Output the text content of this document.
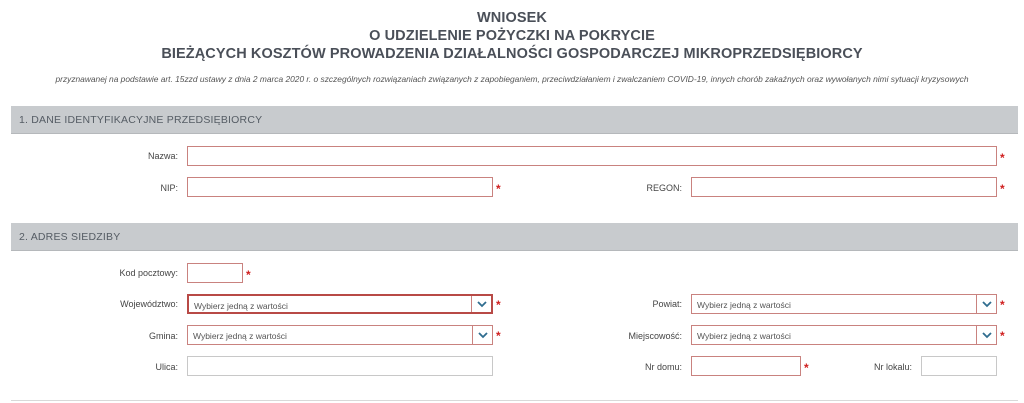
WNIOSEK
O UDZIELENIE POŻYCZKI NA POKRYCIE
BIEŻĄCYCH KOSZTÓW PROWADZENIA DZIAŁALNOŚCI GOSPODARCZEJ MIKROPRZEDSIĘBIORCY
przyznawanej na podstawie art. 15zzd ustawy z dnia 2 marca 2020 r. o szczególnych rozwiązaniach związanych z zapobieganiem, przeciwdziałaniem i zwalczaniem COVID-19, innych chorób zakaźnych oraz wywołanych nimi sytuacji kryzysowych
1. DANE IDENTYFIKACYJNE PRZEDSIĘBIORCY
Nazwa:	*
NIP:	*	REGON:	*
2. ADRES SIEDZIBY
Kod pocztowy:	*
Województwo: Wybierz jedną z wartości	*	Powiat: Wybierz jedną z wartości	*
Gmina: Wybierz jedną z wartości	*	Miejscowość: Wybierz jedną z wartości	*
Ulica:	Nr domu:	*	Nr lokalu:
